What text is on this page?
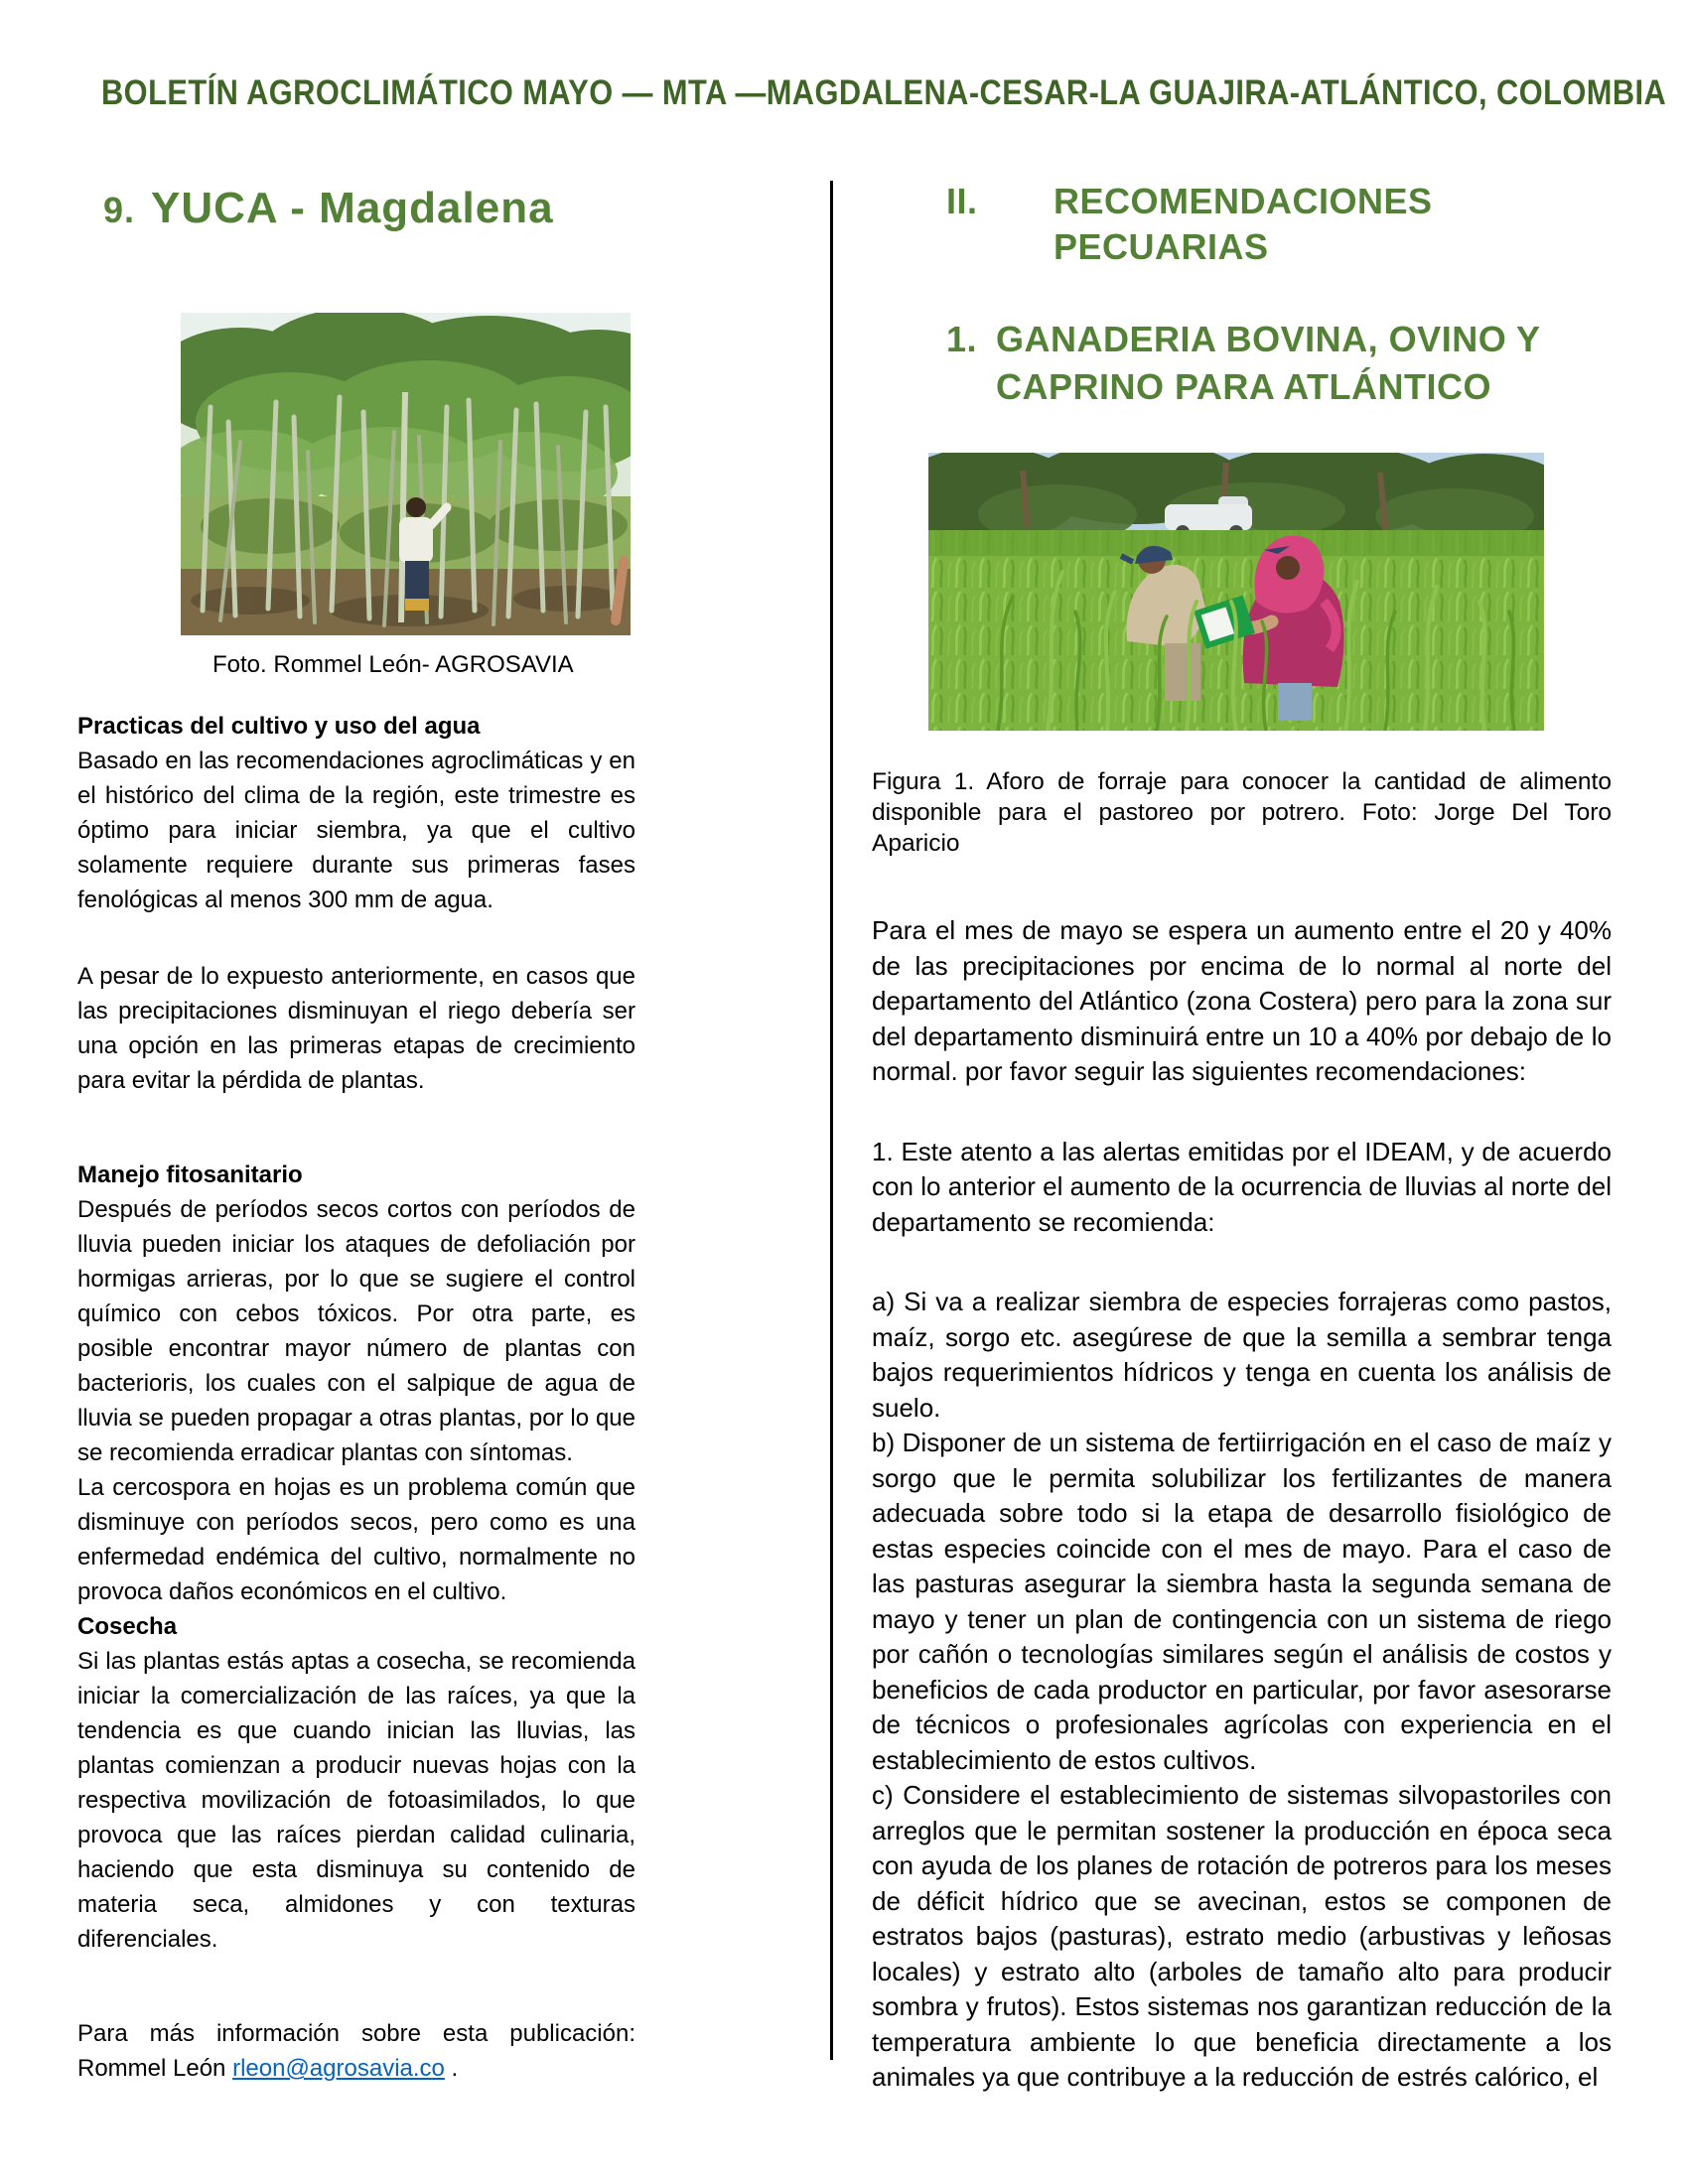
BOLETÍN AGROCLIMÁTICO MAYO — MTA —MAGDALENA-CESAR-LA GUAJIRA-ATLÁNTICO, COLOMBIA
9. YUCA - Magdalena
Foto. Rommel León- AGROSAVIA

Practicas del cultivo y uso del agua

Basado en las recomendaciones agroclimáticas y en el histórico del clima de la región, este trimestre es óptimo para iniciar siembra, ya que el cultivo solamente requiere durante sus primeras fases fenológicas al menos 300 mm de agua.

A pesar de lo expuesto anteriormente, en casos que las precipitaciones disminuyan el riego debería ser una opción en las primeras etapas de crecimiento para evitar la pérdida de plantas.

Manejo fitosanitario

Después de períodos secos cortos con períodos de lluvia pueden iniciar los ataques de defoliación por hormigas arrieras, por lo que se sugiere el control químico con cebos tóxicos. Por otra parte, es posible encontrar mayor número de plantas con bacterioris, los cuales con el salpique de agua de lluvia se pueden propagar a otras plantas, por lo que se recomienda erradicar plantas con síntomas.

La cercospora en hojas es un problema común que disminuye con períodos secos, pero como es una enfermedad endémica del cultivo, normalmente no provoca daños económicos en el cultivo.

Cosecha

Si las plantas estás aptas a cosecha, se recomienda iniciar la comercialización de las raíces, ya que la tendencia es que cuando inician las lluvias, las plantas comienzan a producir nuevas hojas con la respectiva movilización de fotoasimilados, lo que provoca que las raíces pierdan calidad culinaria, haciendo que esta disminuya su contenido de materia seca, almidones y con texturas diferenciales.

Para más información sobre esta publicación: Rommel León rleon@agrosavia.co .

II.	RECOMENDACIONES PECUARIAS
1. GANADERIA BOVINA, OVINO Y CAPRINO PARA ATLÁNTICO

Figura 1. Aforo de forraje para conocer la cantidad de alimento disponible para el pastoreo por potrero. Foto: Jorge Del Toro Aparicio

Para el mes de mayo se espera un aumento entre el 20 y 40% de las precipitaciones por encima de lo normal al norte del departamento del Atlántico (zona Costera) pero para la zona sur del departamento disminuirá entre un 10 a 40% por debajo de lo normal. por favor seguir las siguientes recomendaciones:

1. Este atento a las alertas emitidas por el IDEAM, y de acuerdo con lo anterior el aumento de la ocurrencia de lluvias al norte del departamento se recomienda:

a) Si va a realizar siembra de especies forrajeras como pastos, maíz, sorgo etc. asegúrese de que la semilla a sembrar tenga bajos requerimientos hídricos y tenga en cuenta los análisis de suelo.

b) Disponer de un sistema de fertiirrigación en el caso de maíz y sorgo que le permita solubilizar los fertilizantes de manera adecuada sobre todo si la etapa de desarrollo fisiológico de estas especies coincide con el mes de mayo. Para el caso de las pasturas asegurar la siembra hasta la segunda semana de mayo y tener un plan de contingencia con un sistema de riego por cañón o tecnologías similares según el análisis de costos y beneficios de cada productor en particular, por favor asesorarse de técnicos o profesionales agrícolas con experiencia en el establecimiento de estos cultivos.

c) Considere el establecimiento de sistemas silvopastoriles con arreglos que le permitan sostener la producción en época seca con ayuda de los planes de rotación de potreros para los meses de déficit hídrico que se avecinan, estos se componen de estratos bajos (pasturas), estrato medio (arbustivas y leñosas locales) y estrato alto (arboles de tamaño alto para producir sombra y frutos). Estos sistemas nos garantizan reducción de la temperatura ambiente lo que beneficia directamente a los animales ya que contribuye a la reducción de estrés calórico, el
